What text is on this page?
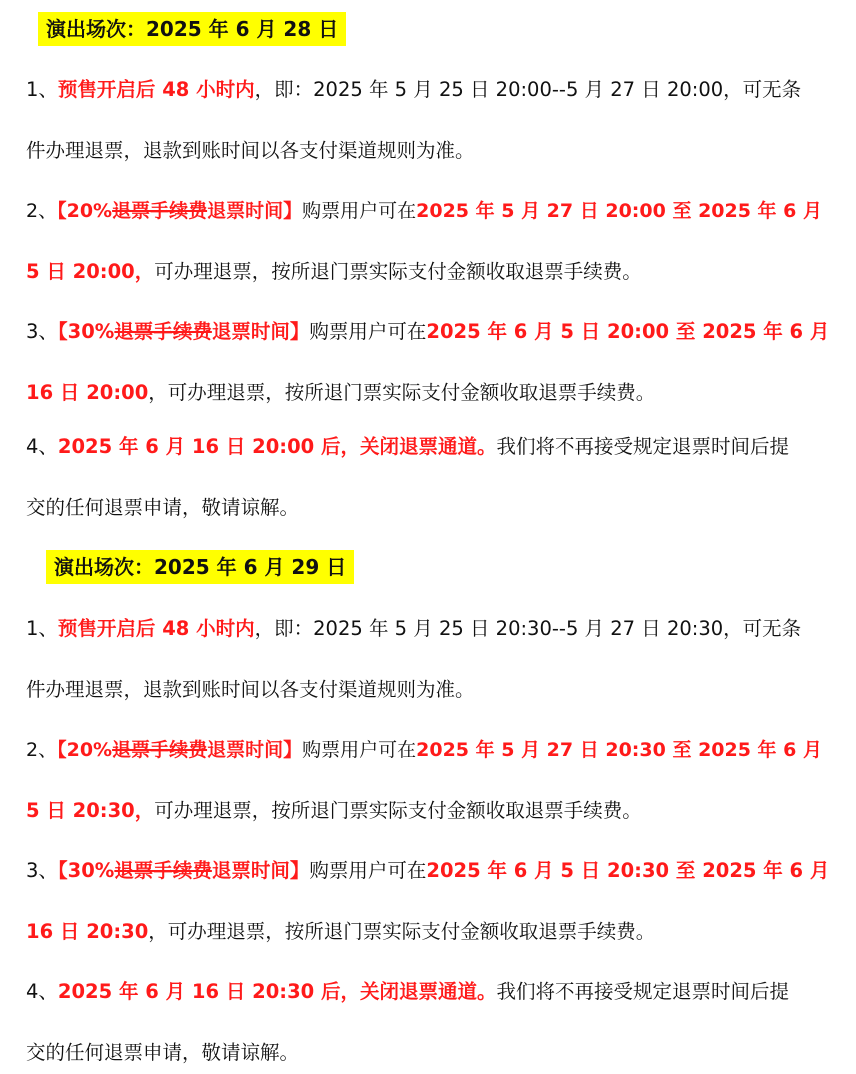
演出场次：2025 年 6 月 28 日
1、预售开启后 48 小时内，即：2025 年 5 月 25 日 20:00--5 月 27 日 20:00，可无条
件办理退票，退款到账时间以各支付渠道规则为准。
2、【20%退票手续费退票时间】购票用户可在2025 年 5 月 27 日 20:00 至 2025 年 6 月
5 日 20:00，可办理退票，按所退门票实际支付金额收取退票手续费。
3、【30%退票手续费退票时间】购票用户可在2025 年 6 月 5 日 20:00 至 2025 年 6 月
16 日 20:00，可办理退票，按所退门票实际支付金额收取退票手续费。
4、2025 年 6 月 16 日 20:00 后，关闭退票通道。我们将不再接受规定退票时间后提
交的任何退票申请，敬请谅解。
演出场次：2025 年 6 月 29 日
1、预售开启后 48 小时内，即：2025 年 5 月 25 日 20:30--5 月 27 日 20:30，可无条
件办理退票，退款到账时间以各支付渠道规则为准。
2、【20%退票手续费退票时间】购票用户可在2025 年 5 月 27 日 20:30 至 2025 年 6 月
5 日 20:30，可办理退票，按所退门票实际支付金额收取退票手续费。
3、【30%退票手续费退票时间】购票用户可在2025 年 6 月 5 日 20:30 至 2025 年 6 月
16 日 20:30，可办理退票，按所退门票实际支付金额收取退票手续费。
4、2025 年 6 月 16 日 20:30 后，关闭退票通道。我们将不再接受规定退票时间后提
交的任何退票申请，敬请谅解。
